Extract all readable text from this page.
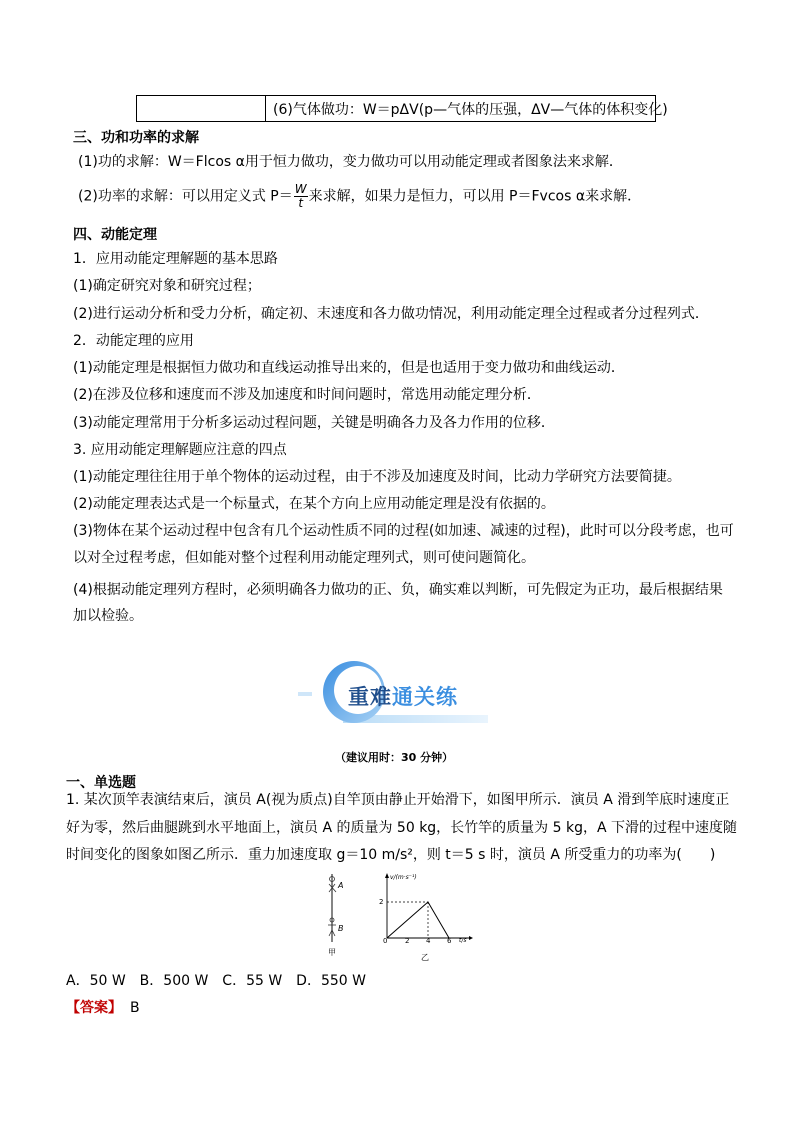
(6)气体做功：W＝pΔV(p—气体的压强，ΔV—气体的体积变化)
三、功和功率的求解
(1)功的求解：W＝Flcos α用于恒力做功，变力做功可以用动能定理或者图象法来求解．
(2)功率的求解：可以用定义式 $P= \frac{W}{t}$ 来求解，如果力是恒力，可以用 P＝Fvcos α来求解．
四、动能定理
1．应用动能定理解题的基本思路
(1)确定研究对象和研究过程；
(2)进行运动分析和受力分析，确定初、末速度和各力做功情况，利用动能定理全过程或者分过程列式．
2．动能定理的应用
(1)动能定理是根据恒力做功和直线运动推导出来的，但是也适用于变力做功和曲线运动．
(2)在涉及位移和速度而不涉及加速度和时间问题时，常选用动能定理分析．
(3)动能定理常用于分析多运动过程问题，关键是明确各力及各力作用的位移．
3. 应用动能定理解题应注意的四点
(1)动能定理往往用于单个物体的运动过程，由于不涉及加速度及时间，比动力学研究方法要简捷。
(2)动能定理表达式是一个标量式，在某个方向上应用动能定理是没有依据的。
(3)物体在某个运动过程中包含有几个运动性质不同的过程(如加速、减速的过程)，此时可以分段考虑，也可
以对全过程考虑，但如能对整个过程利用动能定理列式，则可使问题简化。
(4)根据动能定理列方程时，必须明确各力做功的正、负，确实难以判断，可先假定为正功，最后根据结果
加以检验。
重难通关练
（建议用时：30 分钟）
一、单选题
1. 某次顶竿表演结束后，演员 A(视为质点)自竿顶由静止开始滑下，如图甲所示．演员 A 滑到竿底时速度正
好为零，然后曲腿跳到水平地面上，演员 A 的质量为 50 kg，长竹竿的质量为 5 kg，A 下滑的过程中速度随
时间变化的图象如图乙所示．重力加速度取 g＝10 m/s²，则 t＝5 s 时，演员 A 所受重力的功率为(　　)
A
B
甲
v/(m·s⁻¹)
2
0	2 4 6 t/s
乙
A．50 W　B．500 W　C．55 W　D．550 W
【答案】 B
